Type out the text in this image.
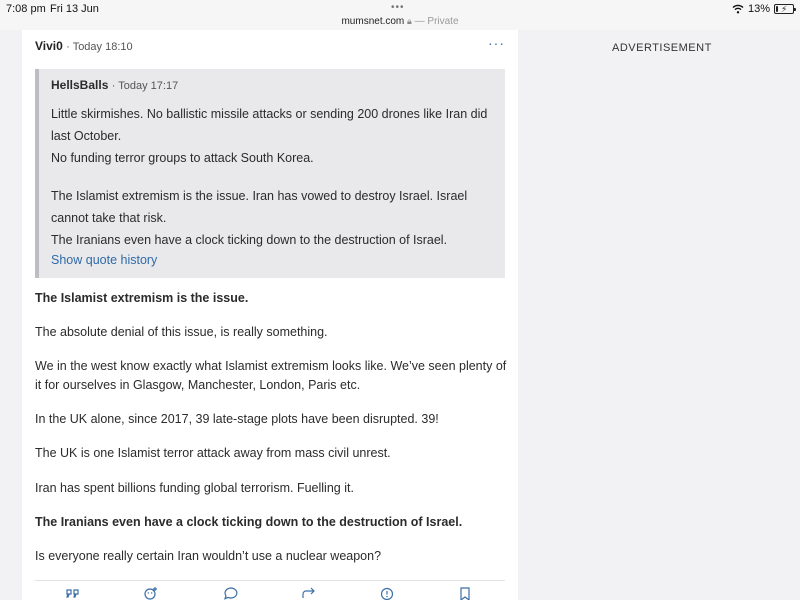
7:08 pm Fri 13 Jun	•••
mumsnet.com 🔒︎ — Private
13% ⚡︎
Vivi0 · Today 18:10	···
HellsBalls · Today 17:17
Little skirmishes. No ballistic missile attacks or sending 200 drones like Iran did last October.
No funding terror groups to attack South Korea.
The Islamist extremism is the issue. Iran has vowed to destroy Israel. Israel cannot take that risk.
The Iranians even have a clock ticking down to the destruction of Israel.
Show quote history
The Islamist extremism is the issue.
The absolute denial of this issue, is really something.
We in the west know exactly what Islamist extremism looks like. We’ve seen plenty of it for ourselves in Glasgow, Manchester, London, Paris etc.
In the UK alone, since 2017, 39 late-stage plots have been disrupted. 39!
The UK is one Islamist terror attack away from mass civil unrest.
Iran has spent billions funding global terrorism. Fuelling it.
The Iranians even have a clock ticking down to the destruction of Israel.
Is everyone really certain Iran wouldn’t use a nuclear weapon?
ADVERTISEMENT
